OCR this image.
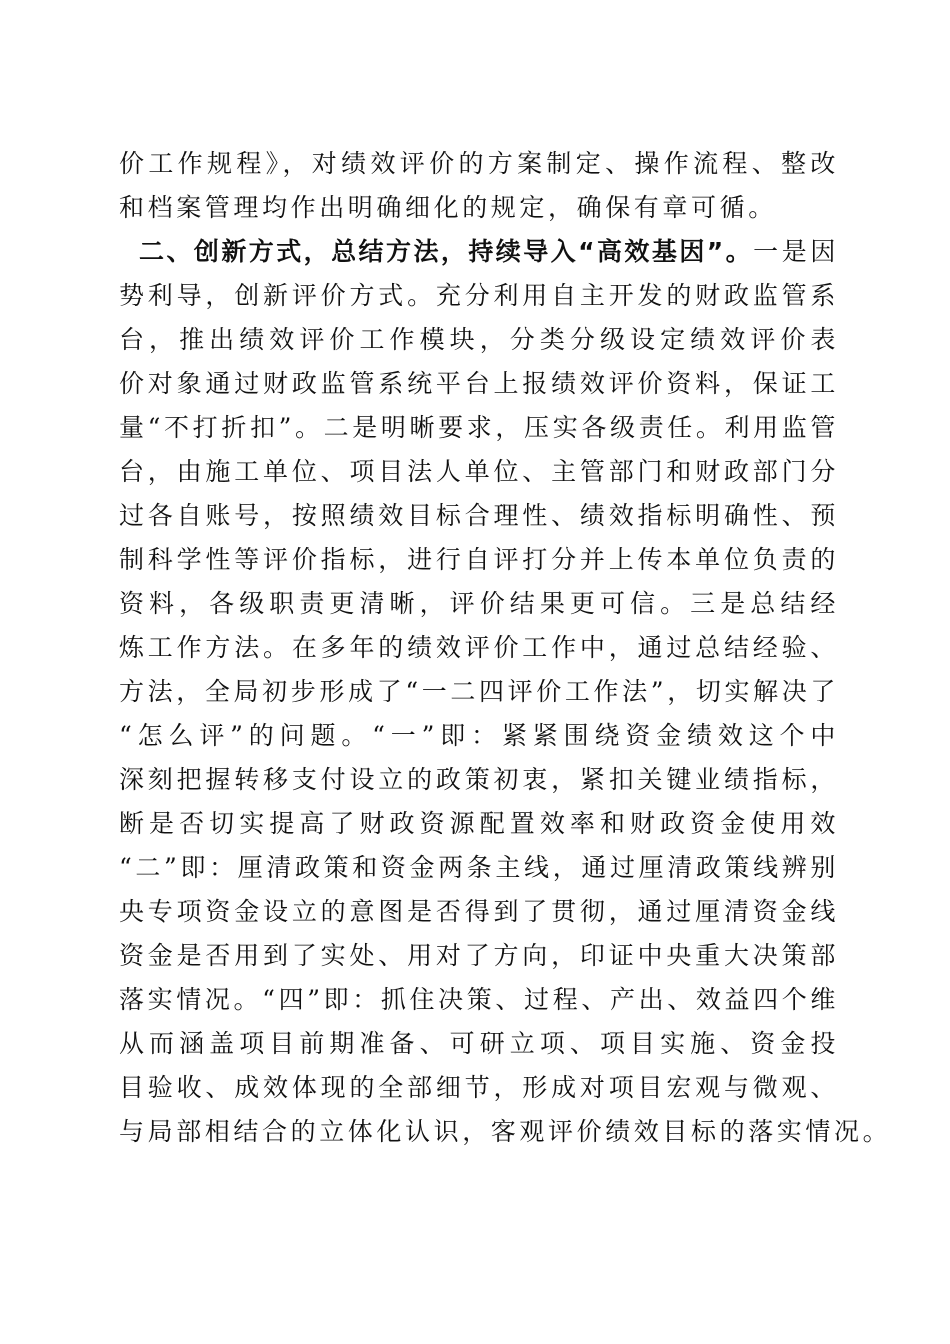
价工作规程》，对绩效评价的方案制定、操作流程、整改
和档案管理均作出明确细化的规定，确保有章可循。
二、创新方式，总结方法，持续导入“高效基因”。一是因
势利导，创新评价方式。充分利用自主开发的财政监管系
台，推出绩效评价工作模块，分类分级设定绩效评价表
价对象通过财政监管系统平台上报绩效评价资料，保证工
量“不打折扣”。二是明晰要求，压实各级责任。利用监管
台，由施工单位、项目法人单位、主管部门和财政部门分
过各自账号，按照绩效目标合理性、绩效指标明确性、预
制科学性等评价指标，进行自评打分并上传本单位负责的
资料，各级职责更清晰，评价结果更可信。三是总结经
炼工作方法。在多年的绩效评价工作中，通过总结经验、
方法，全局初步形成了“一二四评价工作法”，切实解决了
“怎么评”的问题。“一”即：紧紧围绕资金绩效这个中
深刻把握转移支付设立的政策初衷，紧扣关键业绩指标，
断是否切实提高了财政资源配置效率和财政资金使用效
“二”即：厘清政策和资金两条主线，通过厘清政策线辨别
央专项资金设立的意图是否得到了贯彻，通过厘清资金线
资金是否用到了实处、用对了方向，印证中央重大决策部
落实情况。“四”即：抓住决策、过程、产出、效益四个维
从而涵盖项目前期准备、可研立项、项目实施、资金投
目验收、成效体现的全部细节，形成对项目宏观与微观、
与局部相结合的立体化认识，客观评价绩效目标的落实情况。
